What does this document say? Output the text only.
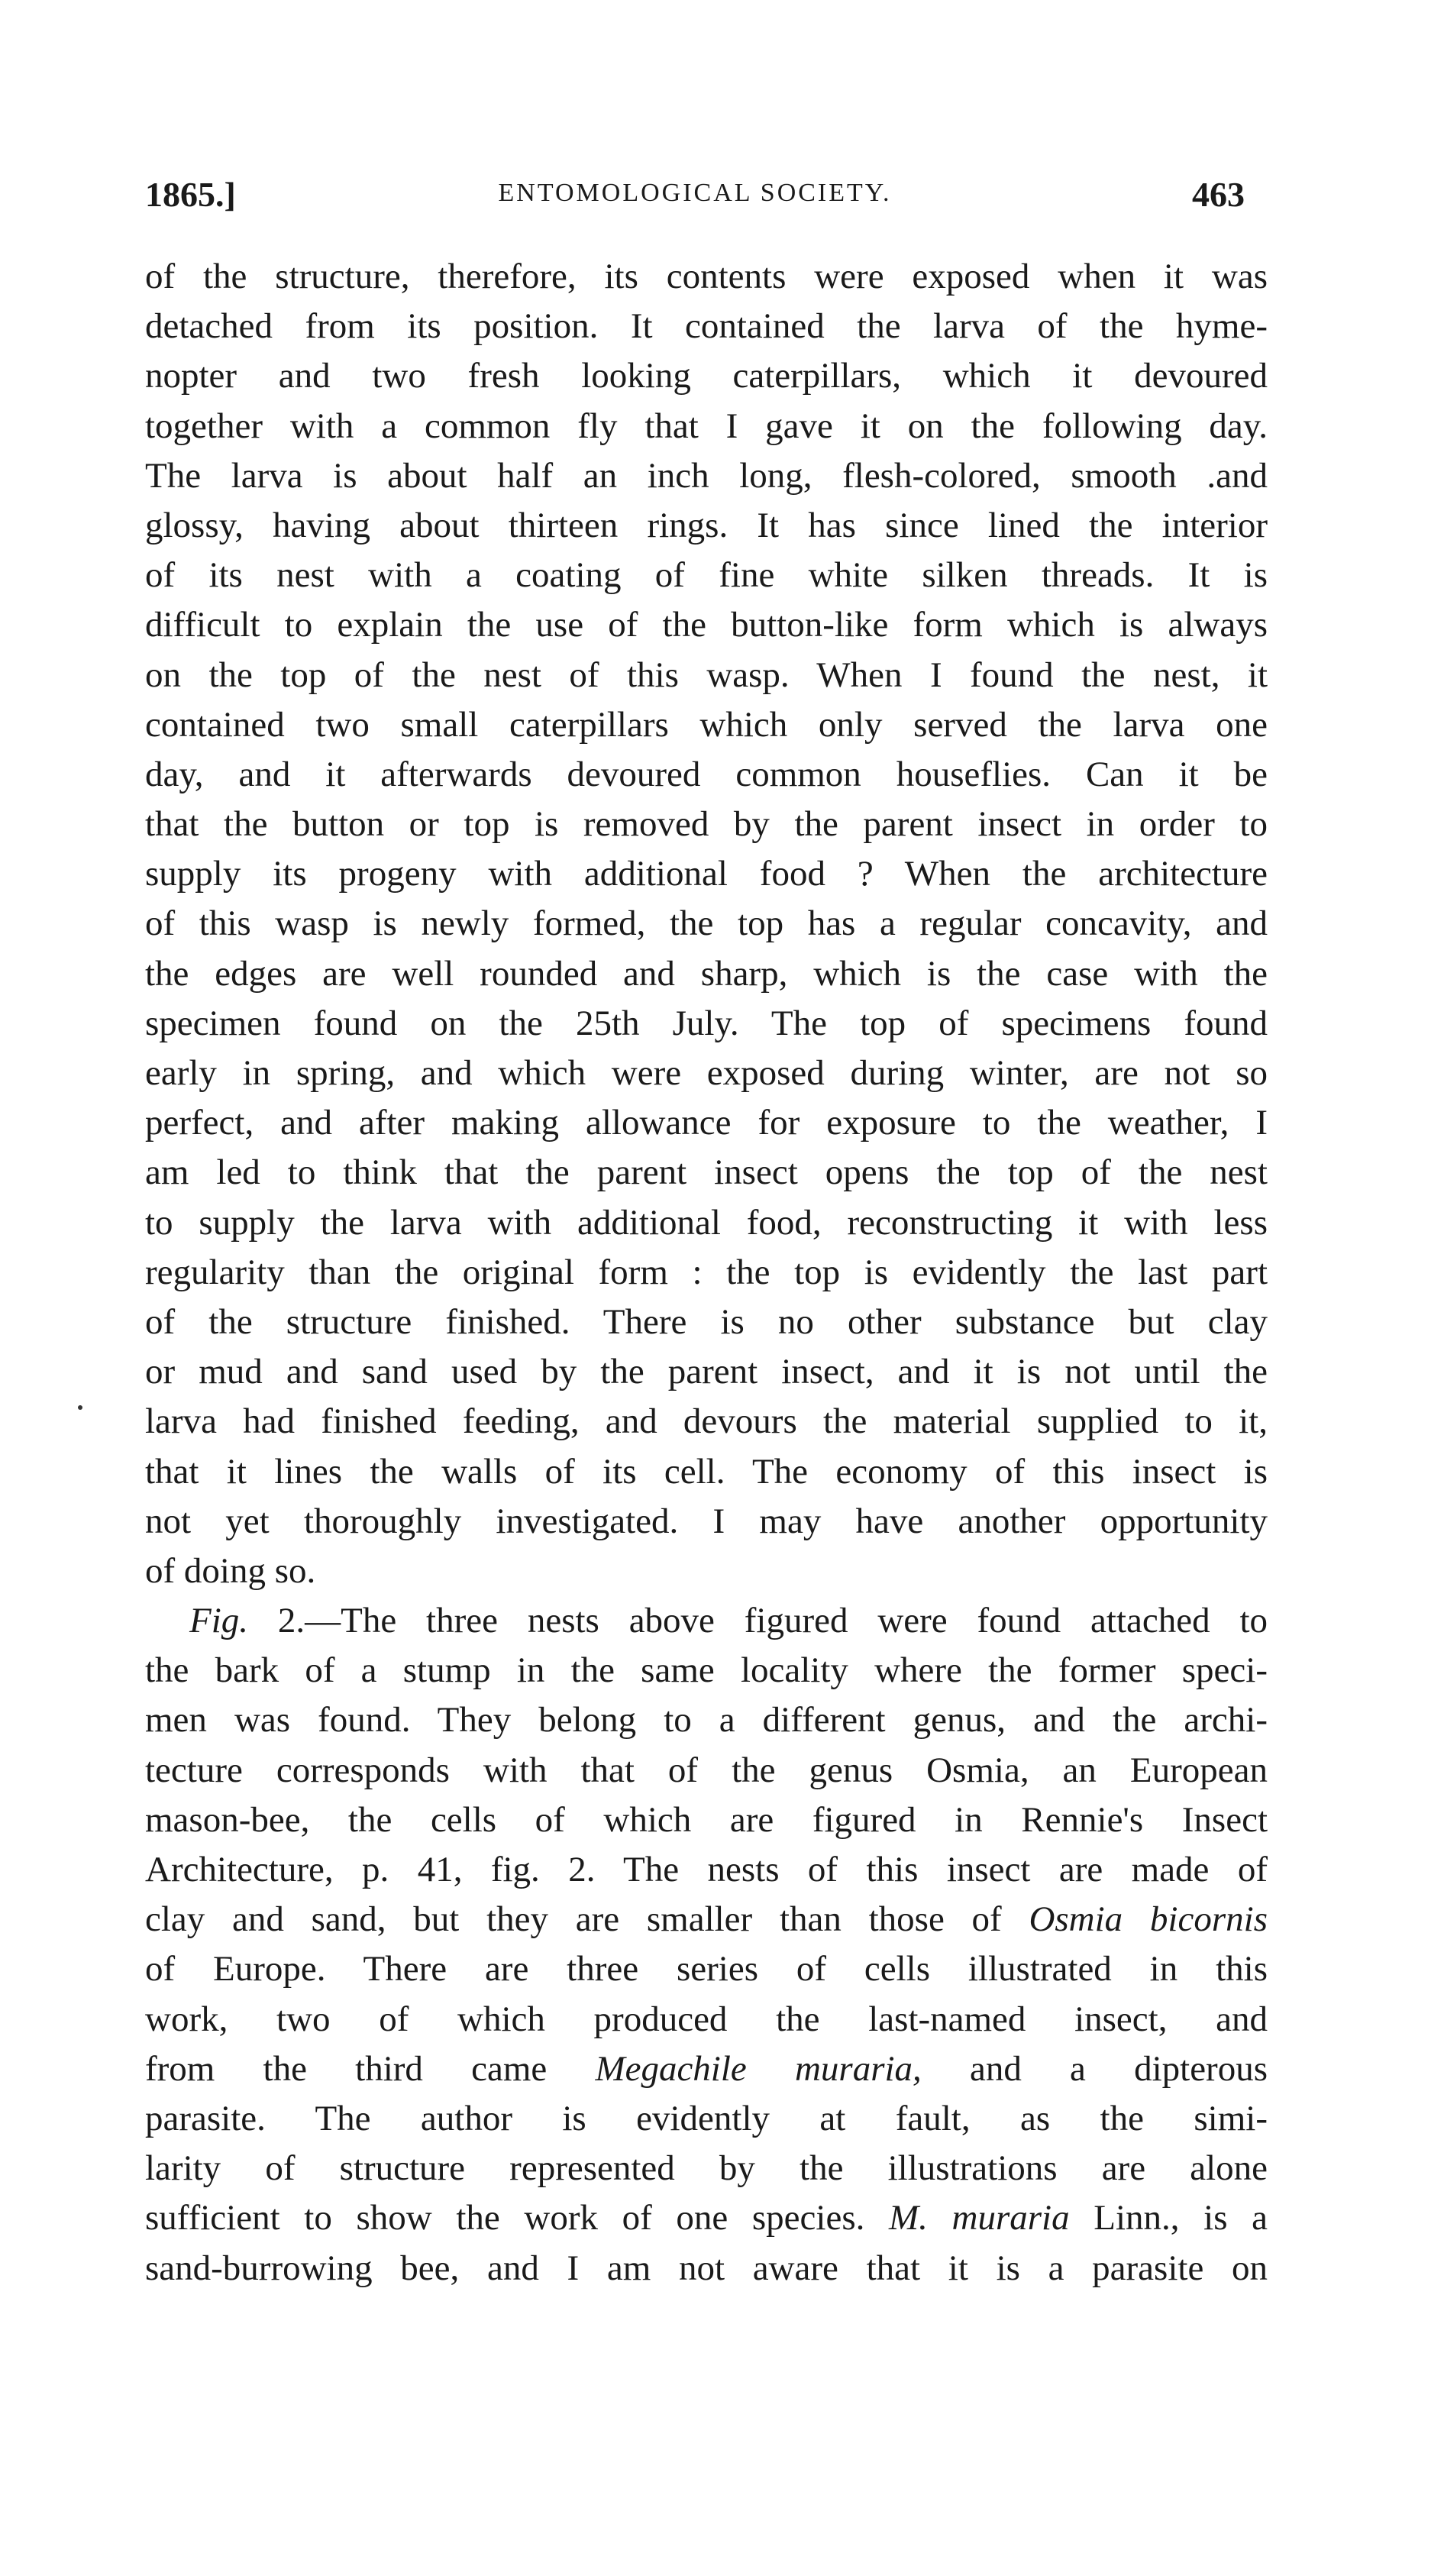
1865.]	ENTOMOLOGICAL SOCIETY.	463
of the structure, therefore, its contents were exposed when it was
detached from its position. It contained the larva of the hyme-
nopter and two fresh looking caterpillars, which it devoured
together with a common fly that I gave it on the following day.
The larva is about half an inch long, flesh-colored, smooth .and
glossy, having about thirteen rings. It has since lined the interior
of its nest with a coating of fine white silken threads. It is
difficult to explain the use of the button-like form which is always
on the top of the nest of this wasp. When I found the nest, it
contained two small caterpillars which only served the larva one
day, and it afterwards devoured common houseflies. Can it be
that the button or top is removed by the parent insect in order to
supply its progeny with additional food ? When the architecture
of this wasp is newly formed, the top has a regular concavity, and
the edges are well rounded and sharp, which is the case with the
specimen found on the 25th July. The top of specimens found
early in spring, and which were exposed during winter, are not so
perfect, and after making allowance for exposure to the weather, I
am led to think that the parent insect opens the top of the nest
to supply the larva with additional food, reconstructing it with less
regularity than the original form : the top is evidently the last part
of the structure finished. There is no other substance but clay
or mud and sand used by the parent insect, and it is not until the
larva had finished feeding, and devours the material supplied to it,
that it lines the walls of its cell. The economy of this insect is
not yet thoroughly investigated. I may have another opportunity
of doing so.
Fig. 2.—The three nests above figured were found attached to
the bark of a stump in the same locality where the former speci-
men was found. They belong to a different genus, and the archi-
tecture corresponds with that of the genus Osmia, an European
mason-bee, the cells of which are figured in Rennie's Insect
Architecture, p. 41, fig. 2. The nests of this insect are made of
clay and sand, but they are smaller than those of Osmia bicornis
of Europe. There are three series of cells illustrated in this
work, two of which produced the last-named insect, and
from the third came Megachile muraria, and a dipterous
parasite. The author is evidently at fault, as the simi-
larity of structure represented by the illustrations are alone
sufficient to show the work of one species. M. muraria Linn., is a
sand-burrowing bee, and I am not aware that it is a parasite on
